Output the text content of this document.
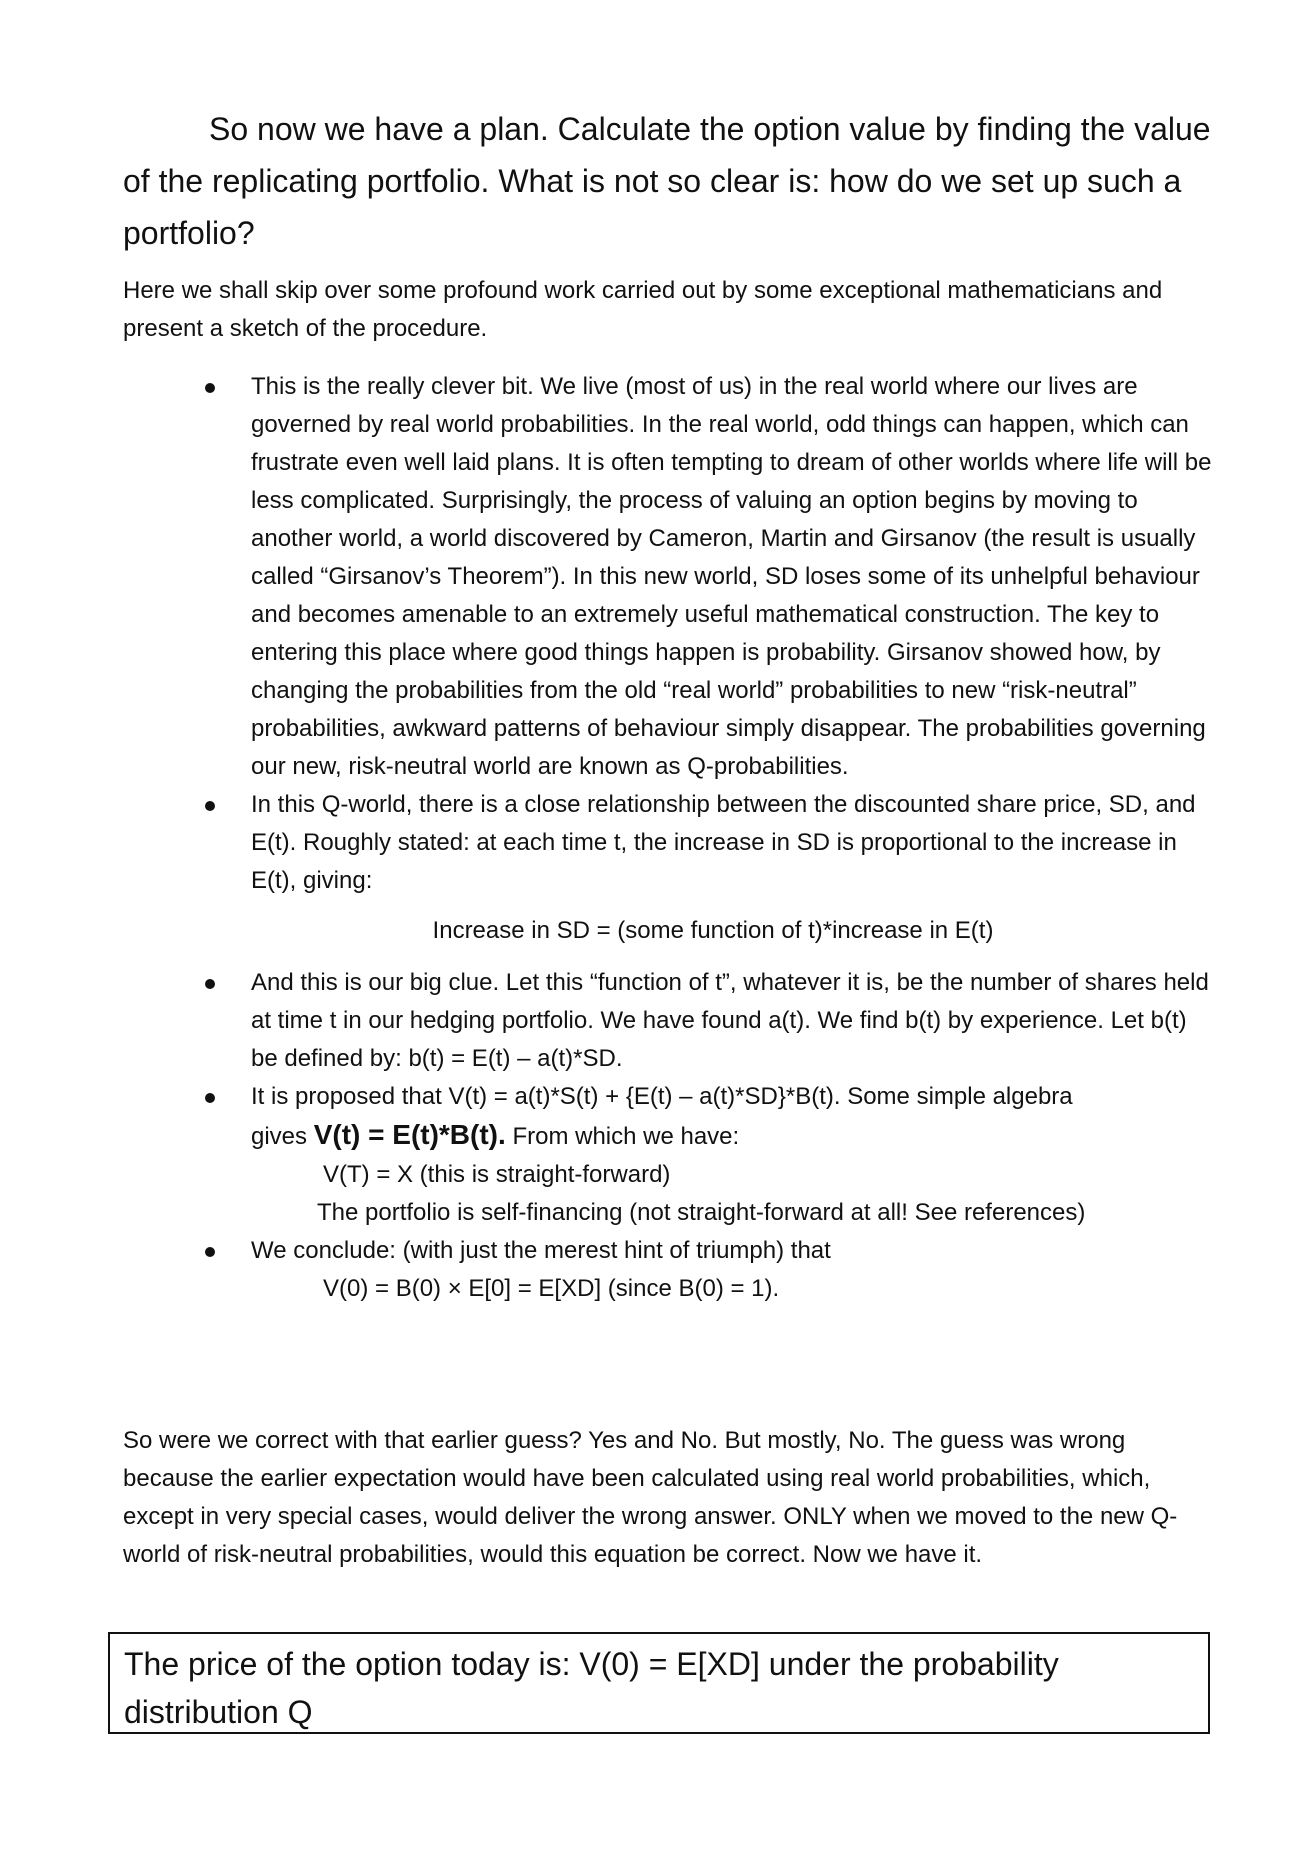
So now we have a plan. Calculate the option value by finding the value of the replicating portfolio. What is not so clear is: how do we set up such a portfolio?

Here we shall skip over some profound work carried out by some exceptional mathematicians and present a sketch of the procedure.

This is the really clever bit. We live (most of us) in the real world where our lives are governed by real world probabilities. In the real world, odd things can happen, which can frustrate even well laid plans. It is often tempting to dream of other worlds where life will be less complicated. Surprisingly, the process of valuing an option begins by moving to another world, a world discovered by Cameron, Martin and Girsanov (the result is usually called “Girsanov’s Theorem”). In this new world, SD loses some of its unhelpful behaviour and becomes amenable to an extremely useful mathematical construction. The key to entering this place where good things happen is probability. Girsanov showed how, by changing the probabilities from the old “real world” probabilities to new “risk-neutral” probabilities, awkward patterns of behaviour simply disappear. The probabilities governing our new, risk-neutral world are known as Q-probabilities.
In this Q-world, there is a close relationship between the discounted share price, SD, and E(t). Roughly stated: at each time t, the increase in SD is proportional to the increase in E(t), giving:
Increase in SD = (some function of t)*increase in E(t)
And this is our big clue. Let this “function of t”, whatever it is, be the number of shares held at time t in our hedging portfolio. We have found a(t). We find b(t) by experience. Let b(t) be defined by: b(t) = E(t) – a(t)*SD.
It is proposed that V(t) = a(t)*S(t) + {E(t) – a(t)*SD}*B(t). Some simple algebra
gives V(t) = E(t)*B(t). From which we have:
V(T) = X (this is straight-forward)
The portfolio is self-financing (not straight-forward at all! See references)
We conclude: (with just the merest hint of triumph) that
V(0) = B(0) × E[0] = E[XD] (since B(0) = 1).

So were we correct with that earlier guess? Yes and No. But mostly, No. The guess was wrong because the earlier expectation would have been calculated using real world probabilities, which, except in very special cases, would deliver the wrong answer. ONLY when we moved to the new Q-world of risk-neutral probabilities, would this equation be correct. Now we have it.

The price of the option today is: V(0) = E[XD] under the probability distribution Q
